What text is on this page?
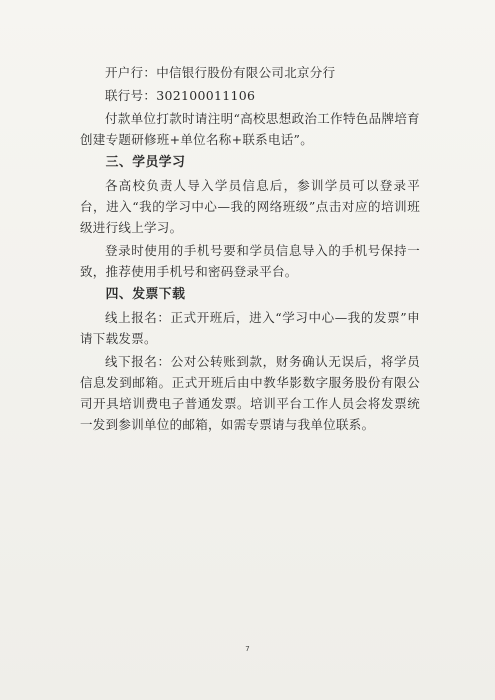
开户行：中信银行股份有限公司北京分行

联行号：302100011106

付款单位打款时请注明“高校思想政治工作特色品牌培育创建专题研修班+单位名称+联系电话”。

三、学员学习

各高校负责人导入学员信息后，参训学员可以登录平台，进入“我的学习中心—我的网络班级”点击对应的培训班级进行线上学习。

登录时使用的手机号要和学员信息导入的手机号保持一致，推荐使用手机号和密码登录平台。

四、发票下载

线上报名：正式开班后，进入“学习中心—我的发票”申请下载发票。

线下报名：公对公转账到款，财务确认无误后，将学员信息发到邮箱。正式开班后由中教华影数字服务股份有限公司开具培训费电子普通发票。培训平台工作人员会将发票统一发到参训单位的邮箱，如需专票请与我单位联系。

7
